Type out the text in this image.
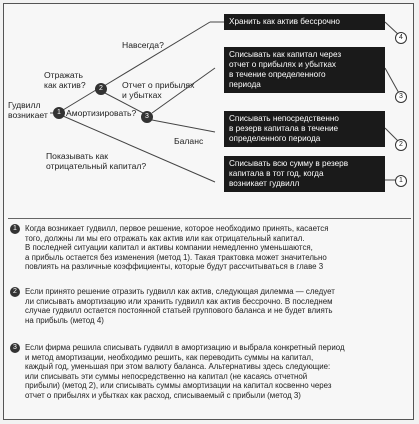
Гудвилл
возникает
Отражать
как актив?
Амортизировать?
Навсегда?
Отчет о прибылях
и убытках
Баланс
Показывать как
отрицательный капитал?
1
2
3
Хранить как актив бессрочно
Списывать как капитал через
отчет о прибылях и убытках
в течение определенного
периода
Списывать непосредственно
в резерв капитала в течение
определенного периода
Списывать всю сумму в резерв
капитала в тот год, когда
возникает гудвилл
4
3
2
1
1	Когда возникает гудвилл, первое решение, которое необходимо принять, касается
того, должны ли мы его отражать как актив или как отрицательный капитал.
В последней ситуации капитал и активы компании немедленно уменьшаются,
а прибыль остается без изменения (метод 1). Такая трактовка может значительно
повлиять на различные коэффициенты, которые будут рассчитываться в главе 3
2	Если принято решение отразить гудвилл как актив, следующая дилемма — следует
ли списывать амортизацию или хранить гудвилл как актив бессрочно. В последнем
случае гудвилл остается постоянной статьей группового баланса и не будет влиять
на прибыль (метод 4)
3	Если фирма решила списывать гудвилл в амортизацию и выбрала конкретный период
и метод амортизации, необходимо решить, как переводить суммы на капитал,
каждый год, уменьшая при этом валюту баланса. Альтернативы здесь следующие:
или списывать эти суммы непосредственно на капитал (не касаясь отчетной
прибыли) (метод 2), или списывать суммы амортизации на капитал косвенно через
отчет о прибылях и убытках как расход, списываемый с прибыли (метод 3)
